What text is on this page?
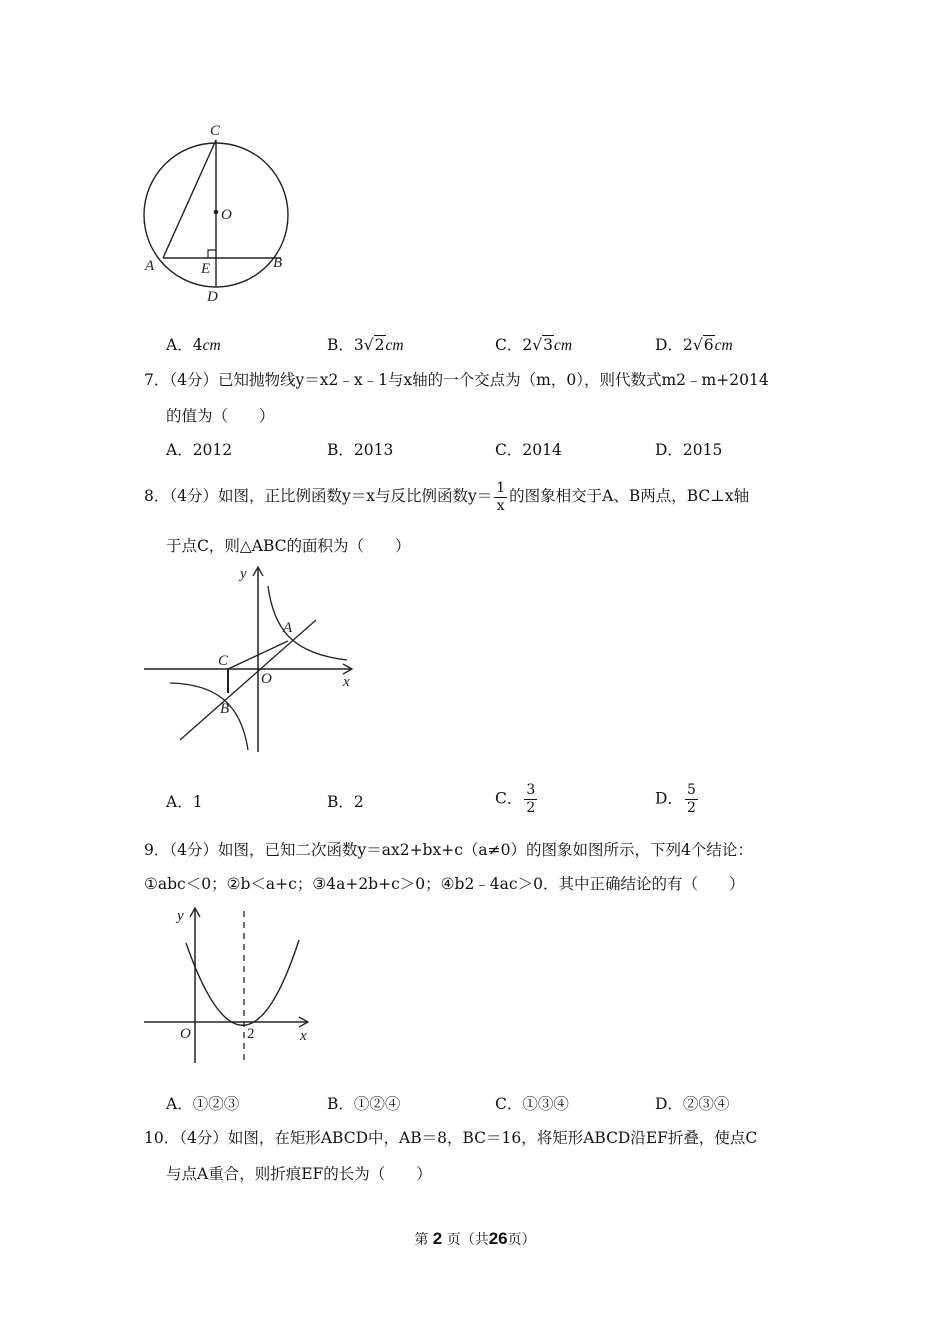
C
O
A	E	B
D
A．4cm	B．3√2cm	C．2√3cm	D．2√6cm
7．（4分）已知抛物线y＝x2﹣x﹣1与x轴的一个交点为（m，0），则代数式m2﹣m+2014
的值为（　　）
A．2012	B．2013	C．2014	D．2015
8．（4分）如图，正比例函数y＝x与反比例函数$y= \frac{1}{x}$ 的图象相交于A、B两点，BC⊥x轴
于点C，则△ABC的面积为（　　）
y
A
C
O	x
B
A．1	B．2	C． $\frac{3}{2}$	D． $\frac{5}{2}$
9．（4分）如图，已知二次函数y＝ax2+bx+c（a≠0）的图象如图所示，下列4个结论：
①abc＜0；②b＜a+c；③4a+2b+c＞0；④b2﹣4ac＞0．其中正确结论的有（　　）
y
O	2	x
A．①②③	B．①②④	C．①③④	D．②③④
10．（4分）如图，在矩形ABCD中，AB＝8，BC＝16，将矩形ABCD沿EF折叠，使点C
与点A重合，则折痕EF的长为（　　）
第 2 页（共26页）
